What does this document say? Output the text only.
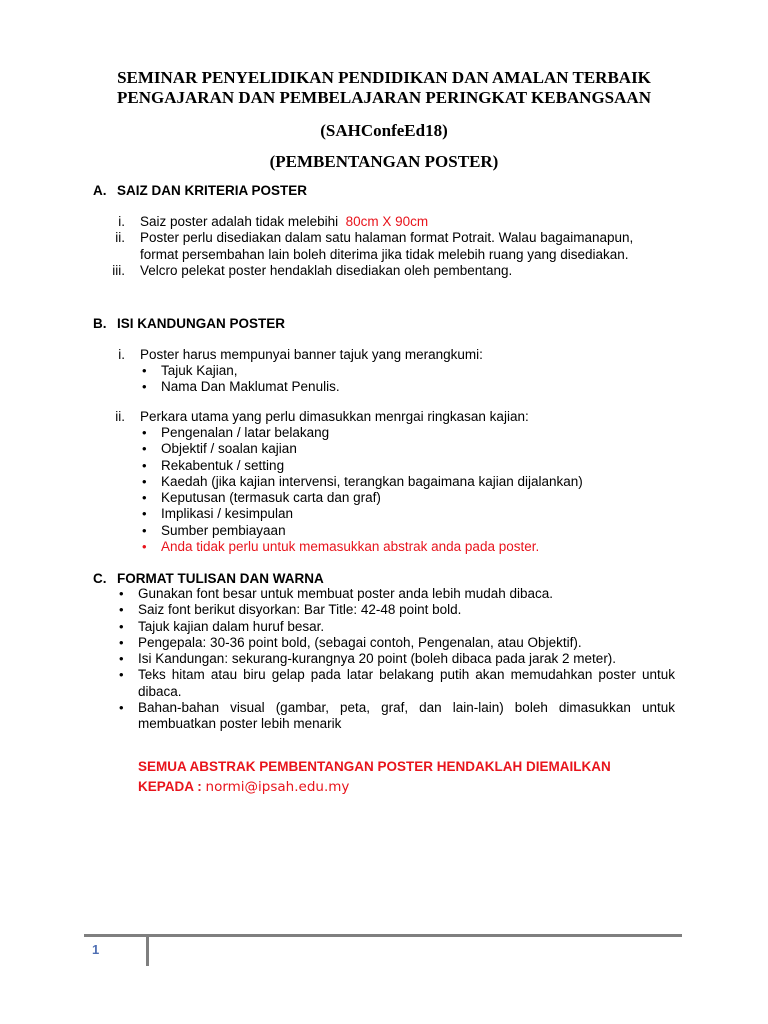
SEMINAR PENYELIDIKAN PENDIDIKAN DAN AMALAN TERBAIK
PENGAJARAN DAN PEMBELAJARAN PERINGKAT KEBANGSAAN
(SAHConfeEd18)
(PEMBENTANGAN POSTER)
A. SAIZ DAN KRITERIA POSTER
i. Saiz poster adalah tidak melebihi 80cm X 90cm
ii. Poster perlu disediakan dalam satu halaman format Potrait. Walau bagaimanapun,
format persembahan lain boleh diterima jika tidak melebih ruang yang disediakan.
iii. Velcro pelekat poster hendaklah disediakan oleh pembentang.
B. ISI KANDUNGAN POSTER
i. Poster harus mempunyai banner tajuk yang merangkumi:
• Tajuk Kajian,
• Nama Dan Maklumat Penulis.
ii. Perkara utama yang perlu dimasukkan menrgai ringkasan kajian:
• Pengenalan / latar belakang
• Objektif / soalan kajian
• Rekabentuk / setting
• Kaedah (jika kajian intervensi, terangkan bagaimana kajian dijalankan)
• Keputusan (termasuk carta dan graf)
• Implikasi / kesimpulan
• Sumber pembiayaan
• Anda tidak perlu untuk memasukkan abstrak anda pada poster.
C. FORMAT TULISAN DAN WARNA
• Gunakan font besar untuk membuat poster anda lebih mudah dibaca.
• Saiz font berikut disyorkan: Bar Title: 42-48 point bold.
• Tajuk kajian dalam huruf besar.
• Pengepala: 30-36 point bold, (sebagai contoh, Pengenalan, atau Objektif).
• Isi Kandungan: sekurang-kurangnya 20 point (boleh dibaca pada jarak 2 meter).
• Teks hitam atau biru gelap pada latar belakang putih akan memudahkan poster untuk dibaca.
• Bahan-bahan visual (gambar, peta, graf, dan lain-lain) boleh dimasukkan untuk membuatkan poster lebih menarik
SEMUA ABSTRAK PEMBENTANGAN POSTER HENDAKLAH DIEMAILKAN
KEPADA : normi@ipsah.edu.my
1
